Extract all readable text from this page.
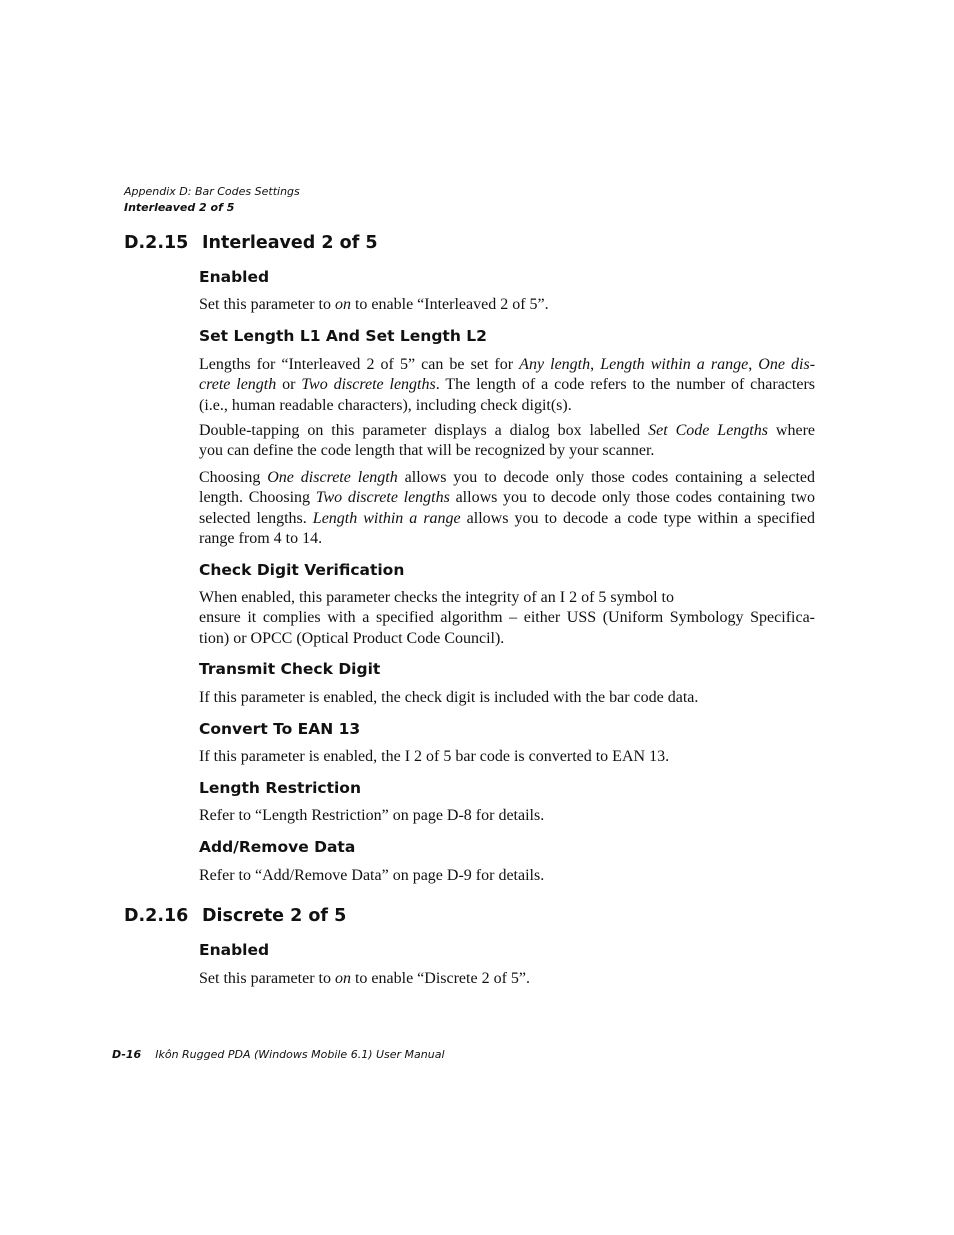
Appendix D: Bar Codes Settings
Interleaved 2 of 5
D.2.15 Interleaved 2 of 5
Enabled
Set this parameter to on to enable “Interleaved 2 of 5”.
Set Length L1 And Set Length L2
Lengths for “Interleaved 2 of 5” can be set for Any length, Length within a range, One dis-
crete length or Two discrete lengths. The length of a code refers to the number of characters
(i.e., human readable characters), including check digit(s).
Double-tapping on this parameter displays a dialog box labelled Set Code Lengths where
you can define the code length that will be recognized by your scanner.
Choosing One discrete length allows you to decode only those codes containing a selected
length. Choosing Two discrete lengths allows you to decode only those codes containing two
selected lengths. Length within a range allows you to decode a code type within a specified
range from 4 to 14.
Check Digit Verification
When enabled, this parameter checks the integrity of an I 2 of 5 symbol to
ensure it complies with a specified algorithm – either USS (Uniform Symbology Specifica-
tion) or OPCC (Optical Product Code Council).
Transmit Check Digit
If this parameter is enabled, the check digit is included with the bar code data.
Convert To EAN 13
If this parameter is enabled, the I 2 of 5 bar code is converted to EAN 13.
Length Restriction
Refer to “Length Restriction” on page D-8 for details.
Add/Remove Data
Refer to “Add/Remove Data” on page D-9 for details.
D.2.16 Discrete 2 of 5
Enabled
Set this parameter to on to enable “Discrete 2 of 5”.
D-16 Ikôn Rugged PDA (Windows Mobile 6.1) User Manual
